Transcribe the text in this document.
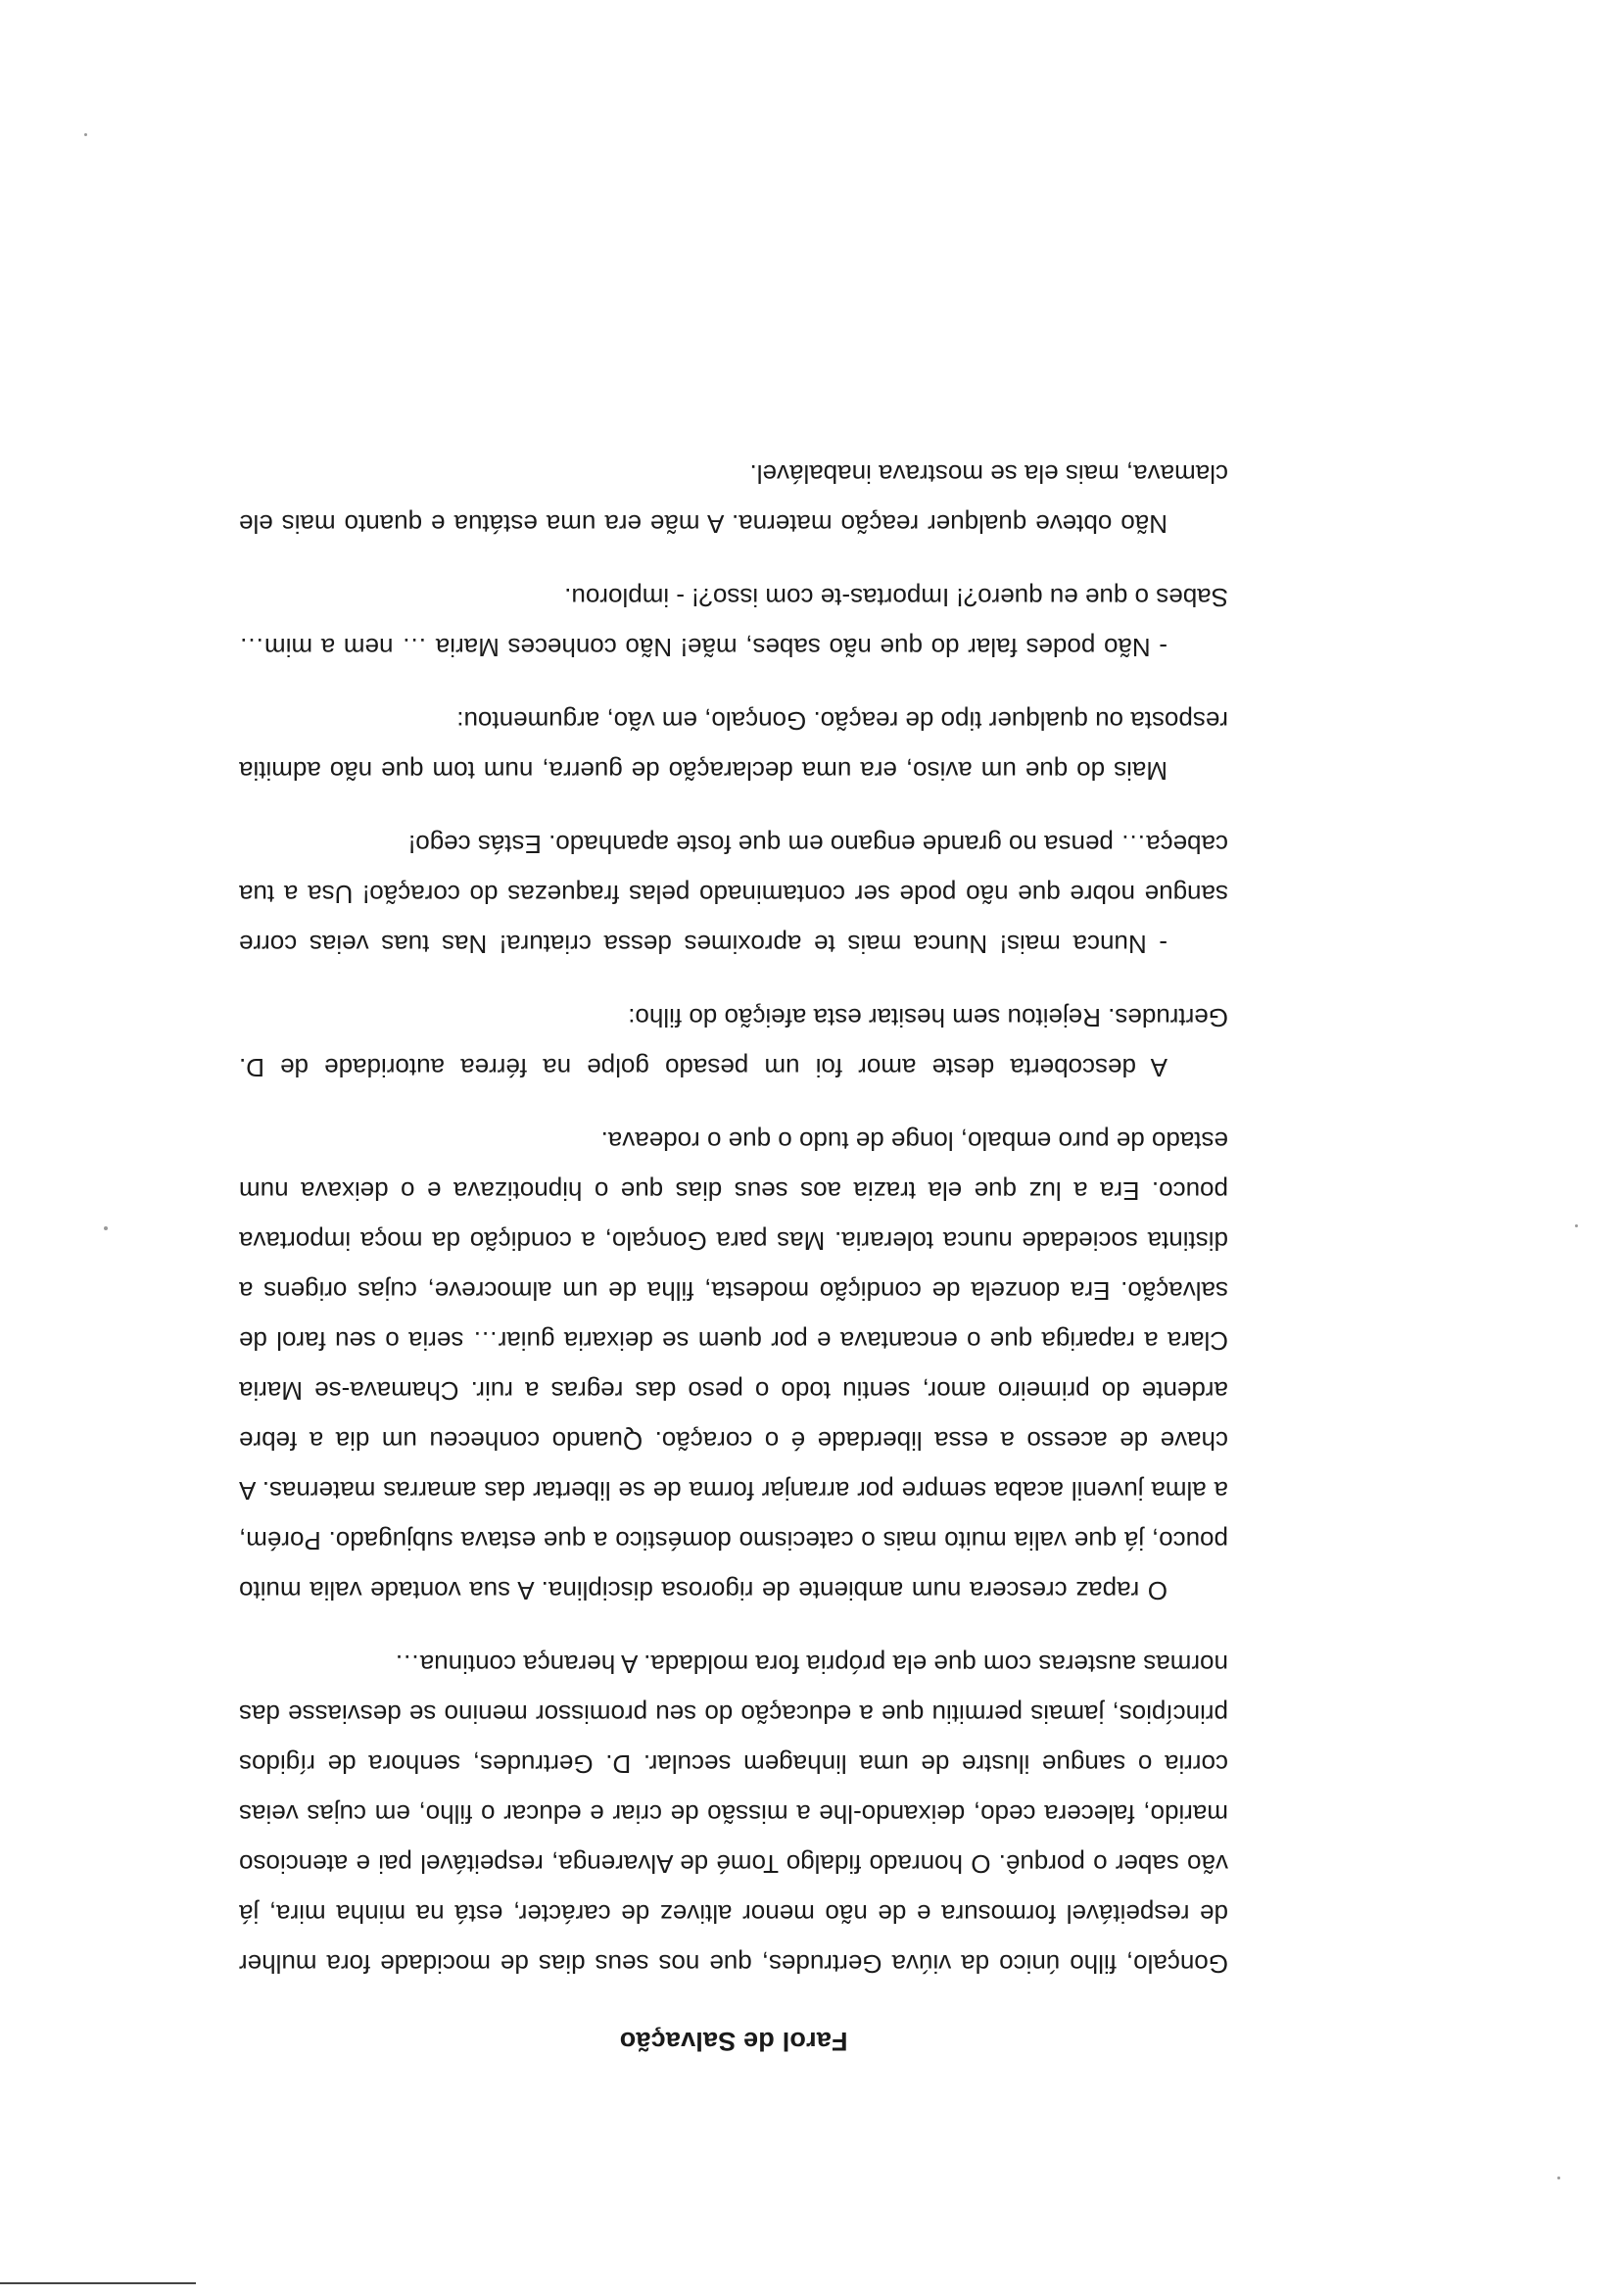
Farol de Salvação

Gonçalo, filho único da viúva Gertrudes, que nos seus dias de mocidade fora mulher de respeitável formosura e de não menor altivez de carácter, está na minha mira, já vão saber o porquê. O honrado fidalgo Tomé de Alvarenga, respeitável pai e atencioso marido, falecera cedo, deixando-lhe a missão de criar e educar o filho, em cujas veias corria o sangue ilustre de uma linhagem secular. D. Gertrudes, senhora de rígidos princípios, jamais permitiu que a educação do seu promissor menino se desviasse das normas austeras com que ela própria fora moldada. A herança continua…

O rapaz crescera num ambiente de rigorosa disciplina. A sua vontade valia muito pouco, já que valia muito mais o catecismo doméstico a que estava subjugado. Porém, a alma juvenil acaba sempre por arranjar forma de se libertar das amarras maternas. A chave de acesso a essa liberdade é o coração. Quando conheceu um dia a febre ardente do primeiro amor, sentiu todo o peso das regras a ruir. Chamava-se Maria Clara a rapariga que o encantava e por quem se deixaria guiar… seria o seu farol de salvação. Era donzela de condição modesta, filha de um almocreve, cujas origens a distinta sociedade nunca toleraria. Mas para Gonçalo, a condição da moça importava pouco. Era a luz que ela trazia aos seus dias que o hipnotizava e o deixava num estado de puro embalo, longe de tudo o que o rodeava.

A descoberta deste amor foi um pesado golpe na férrea autoridade de D. Gertrudes. Rejeitou sem hesitar esta afeição do filho:

- Nunca mais! Nunca mais te aproximes dessa criatura! Nas tuas veias corre sangue nobre que não pode ser contaminado pelas fraquezas do coração! Usa a tua cabeça… pensa no grande engano em que foste apanhado. Estás cego!

Mais do que um aviso, era uma declaração de guerra, num tom que não admitia resposta ou qualquer tipo de reação. Gonçalo, em vão, argumentou:

- Não podes falar do que não sabes, mãe! Não conheces Maria … nem a mim… Sabes o que eu quero?! Importas-te com isso?! - implorou.

Não obteve qualquer reação materna. A mãe era uma estátua e quanto mais ele clamava, mais ela se mostrava inabalável.
